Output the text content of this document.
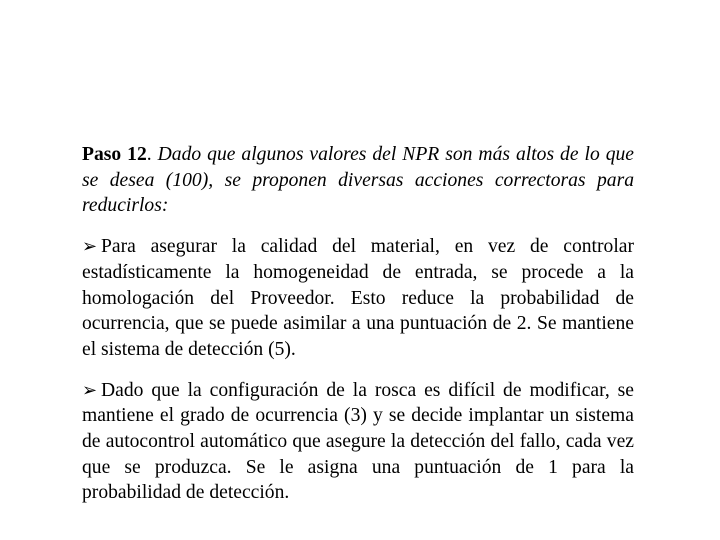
Paso 12. Dado que algunos valores del NPR son más altos de lo que se desea (100), se proponen diversas acciones correctoras para reducirlos:

➢ Para asegurar la calidad del material, en vez de controlar estadísticamente la homogeneidad de entrada, se procede a la homologación del Proveedor. Esto reduce la probabilidad de ocurrencia, que se puede asimilar a una puntuación de 2. Se mantiene el sistema de detección (5).

➢ Dado que la configuración de la rosca es difícil de modificar, se mantiene el grado de ocurrencia (3) y se decide implantar un sistema de autocontrol automático que asegure la detección del fallo, cada vez que se produzca. Se le asigna una puntuación de 1 para la probabilidad de detección.
